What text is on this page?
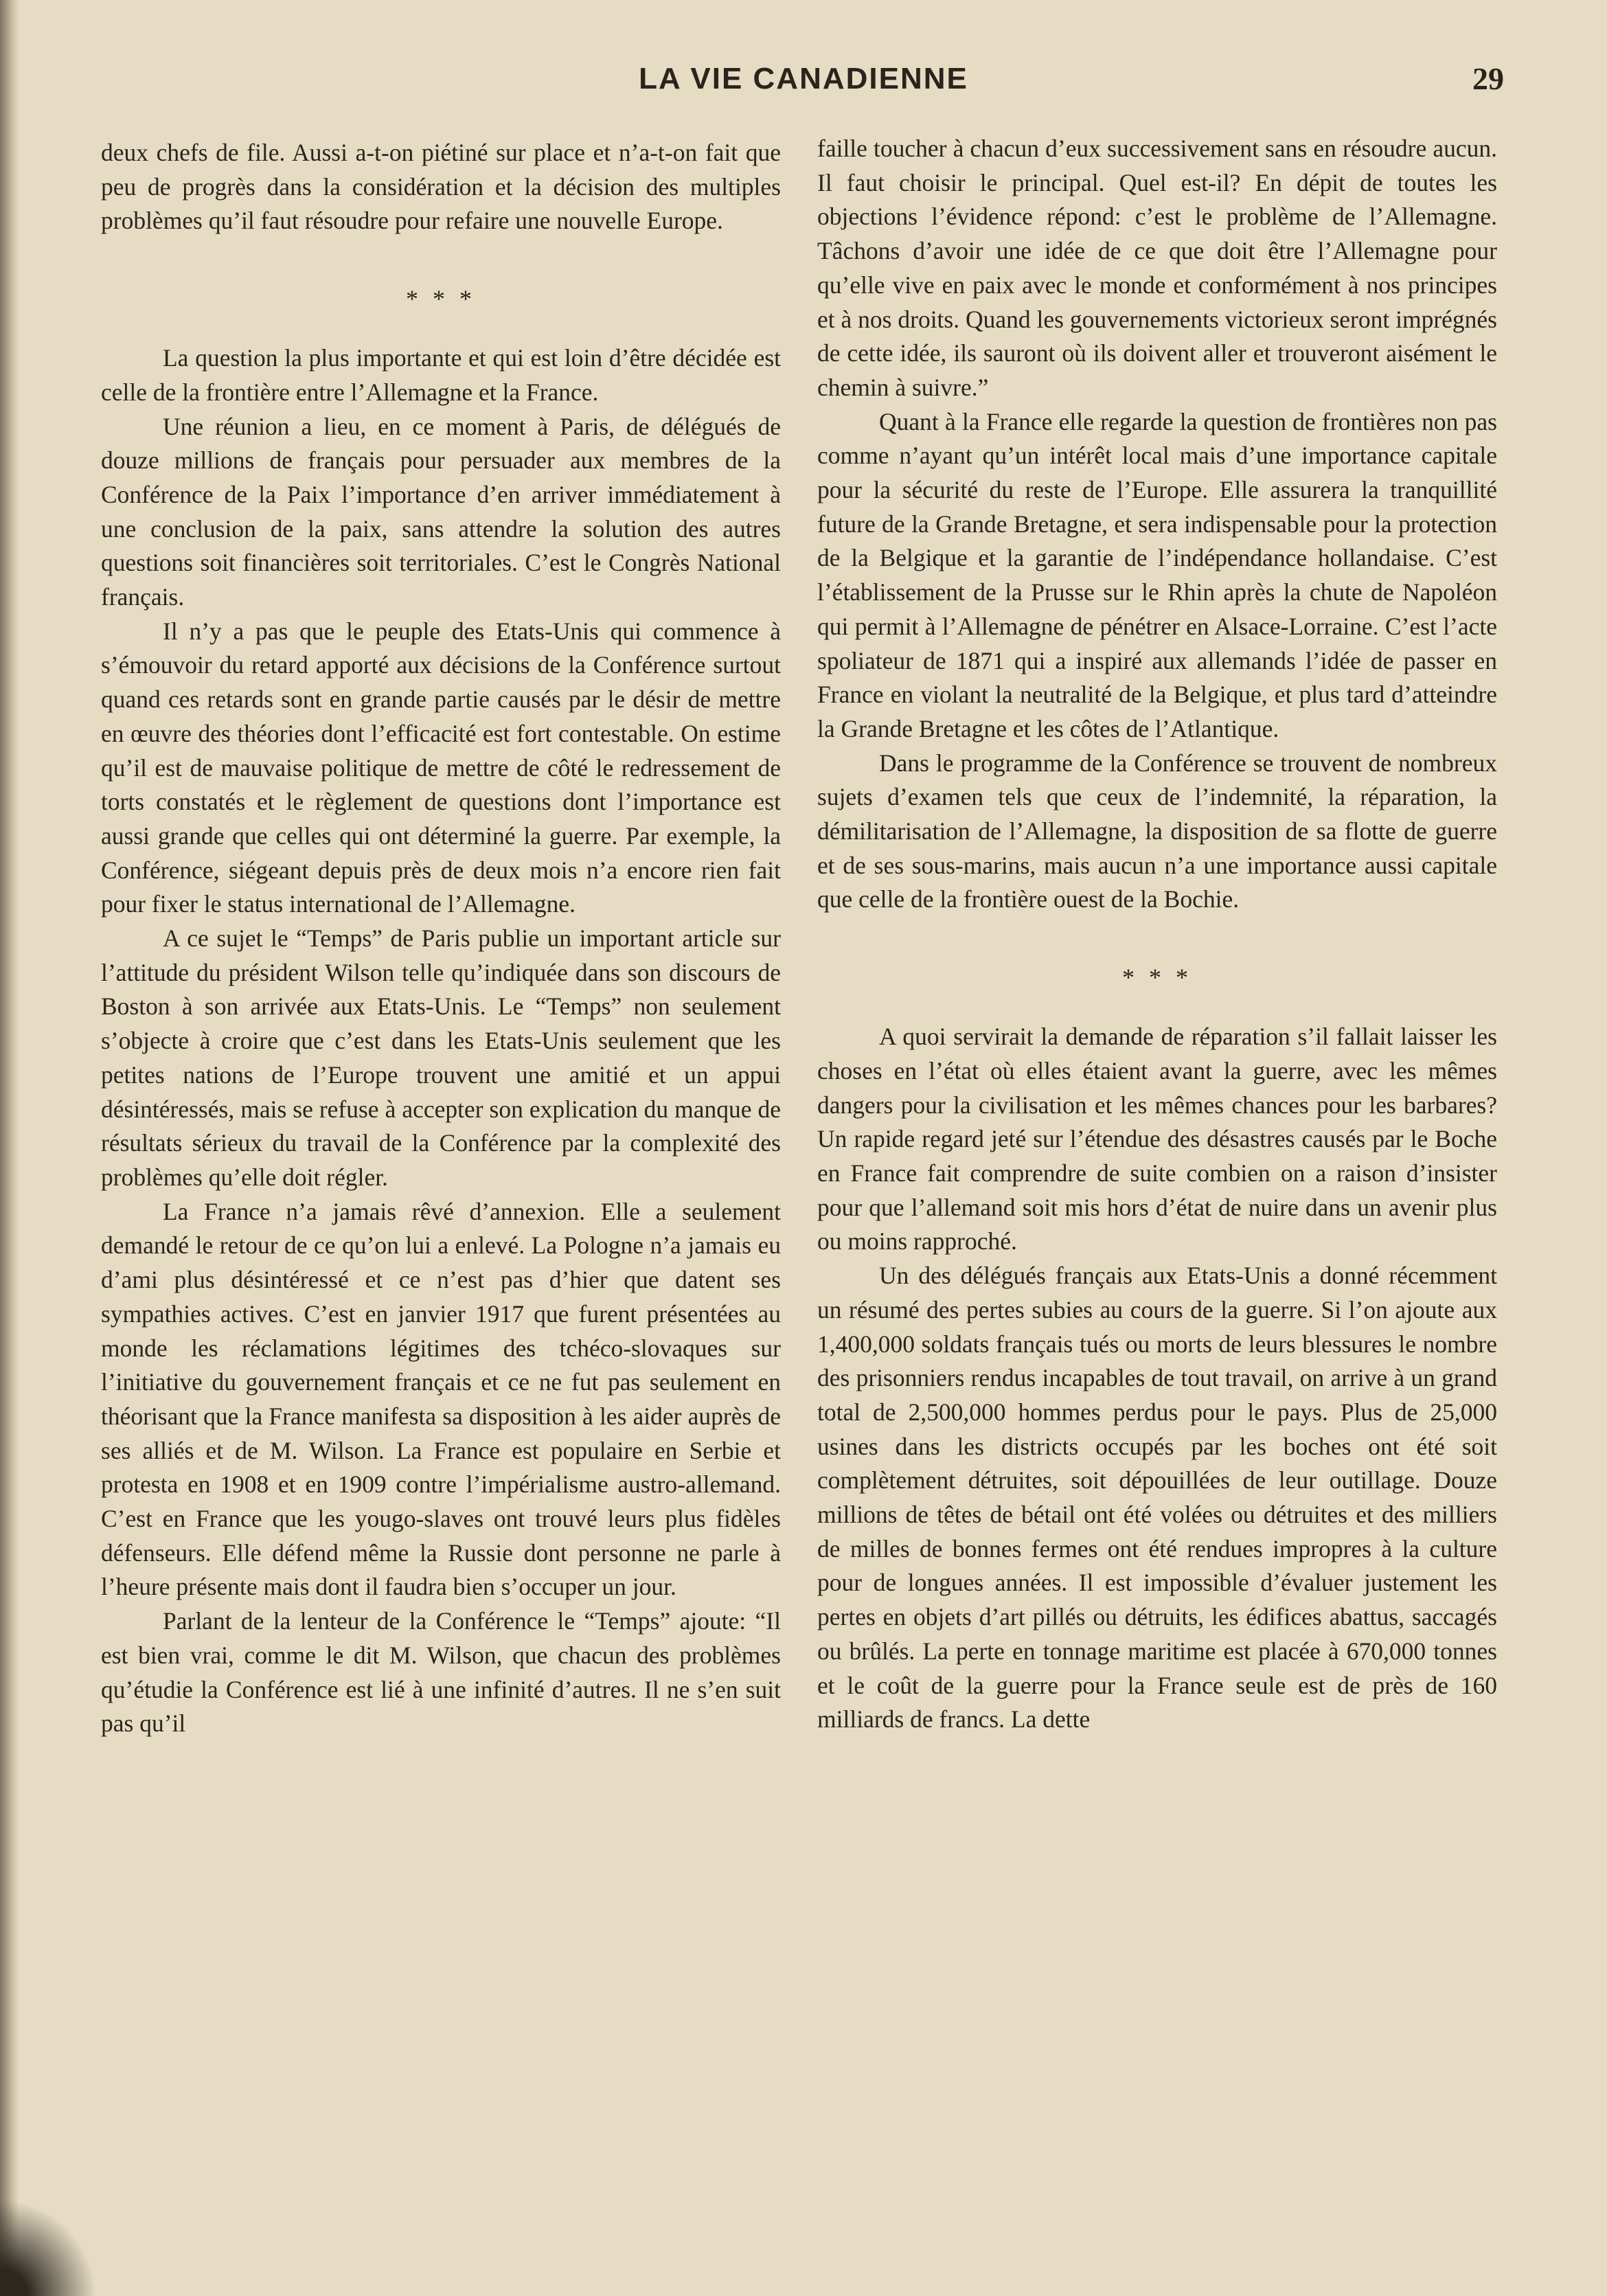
LA VIE CANADIENNE	29

deux chefs de file. Aussi a-t-on piétiné sur place et n’a-t-on fait que peu de progrès dans la considération et la décision des multiples problèmes qu’il faut résoudre pour refaire une nouvelle Europe.

* * *

La question la plus importante et qui est loin d’être décidée est celle de la frontière entre l’Allemagne et la France.

Une réunion a lieu, en ce moment à Paris, de délégués de douze millions de français pour persuader aux membres de la Conférence de la Paix l’importance d’en arriver immédiatement à une conclusion de la paix, sans attendre la solution des autres questions soit financières soit territoriales. C’est le Congrès National français.

Il n’y a pas que le peuple des Etats-Unis qui commence à s’émouvoir du retard apporté aux décisions de la Conférence surtout quand ces retards sont en grande partie causés par le désir de mettre en œuvre des théories dont l’efficacité est fort contestable. On estime qu’il est de mauvaise politique de mettre de côté le redressement de torts constatés et le règlement de questions dont l’importance est aussi grande que celles qui ont déterminé la guerre. Par exemple, la Conférence, siégeant depuis près de deux mois n’a encore rien fait pour fixer le status international de l’Allemagne.

A ce sujet le “Temps” de Paris publie un important article sur l’attitude du président Wilson telle qu’indiquée dans son discours de Boston à son arrivée aux Etats-Unis. Le “Temps” non seulement s’objecte à croire que c’est dans les Etats-Unis seulement que les petites nations de l’Europe trouvent une amitié et un appui désintéressés, mais se refuse à accepter son explication du manque de résultats sérieux du travail de la Conférence par la complexité des problèmes qu’elle doit régler.

La France n’a jamais rêvé d’annexion. Elle a seulement demandé le retour de ce qu’on lui a enlevé. La Pologne n’a jamais eu d’ami plus désintéressé et ce n’est pas d’hier que datent ses sympathies actives. C’est en janvier 1917 que furent présentées au monde les réclamations légitimes des tchéco-slovaques sur l’initiative du gouvernement français et ce ne fut pas seulement en théorisant que la France manifesta sa disposition à les aider auprès de ses alliés et de M. Wilson. La France est populaire en Serbie et protesta en 1908 et en 1909 contre l’impérialisme austro-allemand. C’est en France que les yougo-slaves ont trouvé leurs plus fidèles défenseurs. Elle défend même la Russie dont personne ne parle à l’heure présente mais dont il faudra bien s’occuper un jour.

Parlant de la lenteur de la Conférence le “Temps” ajoute: “Il est bien vrai, comme le dit M. Wilson, que chacun des problèmes qu’étudie la Conférence est lié à une infinité d’autres. Il ne s’en suit pas qu’il

faille toucher à chacun d’eux successivement sans en résoudre aucun. Il faut choisir le principal. Quel est-il? En dépit de toutes les objections l’évidence répond: c’est le problème de l’Allemagne. Tâchons d’avoir une idée de ce que doit être l’Allemagne pour qu’elle vive en paix avec le monde et conformément à nos principes et à nos droits. Quand les gouvernements victorieux seront imprégnés de cette idée, ils sauront où ils doivent aller et trouveront aisément le chemin à suivre.”

Quant à la France elle regarde la question de frontières non pas comme n’ayant qu’un intérêt local mais d’une importance capitale pour la sécurité du reste de l’Europe. Elle assurera la tranquillité future de la Grande Bretagne, et sera indispensable pour la protection de la Belgique et la garantie de l’indépendance hollandaise. C’est l’établissement de la Prusse sur le Rhin après la chute de Napoléon qui permit à l’Allemagne de pénétrer en Alsace-Lorraine. C’est l’acte spoliateur de 1871 qui a inspiré aux allemands l’idée de passer en France en violant la neutralité de la Belgique, et plus tard d’atteindre la Grande Bretagne et les côtes de l’Atlantique.

Dans le programme de la Conférence se trouvent de nombreux sujets d’examen tels que ceux de l’indemnité, la réparation, la démilitarisation de l’Allemagne, la disposition de sa flotte de guerre et de ses sous-marins, mais aucun n’a une importance aussi capitale que celle de la frontière ouest de la Bochie.

* * *

A quoi servirait la demande de réparation s’il fallait laisser les choses en l’état où elles étaient avant la guerre, avec les mêmes dangers pour la civilisation et les mêmes chances pour les barbares? Un rapide regard jeté sur l’étendue des désastres causés par le Boche en France fait comprendre de suite combien on a raison d’insister pour que l’allemand soit mis hors d’état de nuire dans un avenir plus ou moins rapproché.

Un des délégués français aux Etats-Unis a donné récemment un résumé des pertes subies au cours de la guerre. Si l’on ajoute aux 1,400,000 soldats français tués ou morts de leurs blessures le nombre des prisonniers rendus incapables de tout travail, on arrive à un grand total de 2,500,000 hommes perdus pour le pays. Plus de 25,000 usines dans les districts occupés par les boches ont été soit complètement détruites, soit dépouillées de leur outillage. Douze millions de têtes de bétail ont été volées ou détruites et des milliers de milles de bonnes fermes ont été rendues impropres à la culture pour de longues années. Il est impossible d’évaluer justement les pertes en objets d’art pillés ou détruits, les édifices abattus, saccagés ou brûlés. La perte en tonnage maritime est placée à 670,000 tonnes et le coût de la guerre pour la France seule est de près de 160 milliards de francs. La dette
